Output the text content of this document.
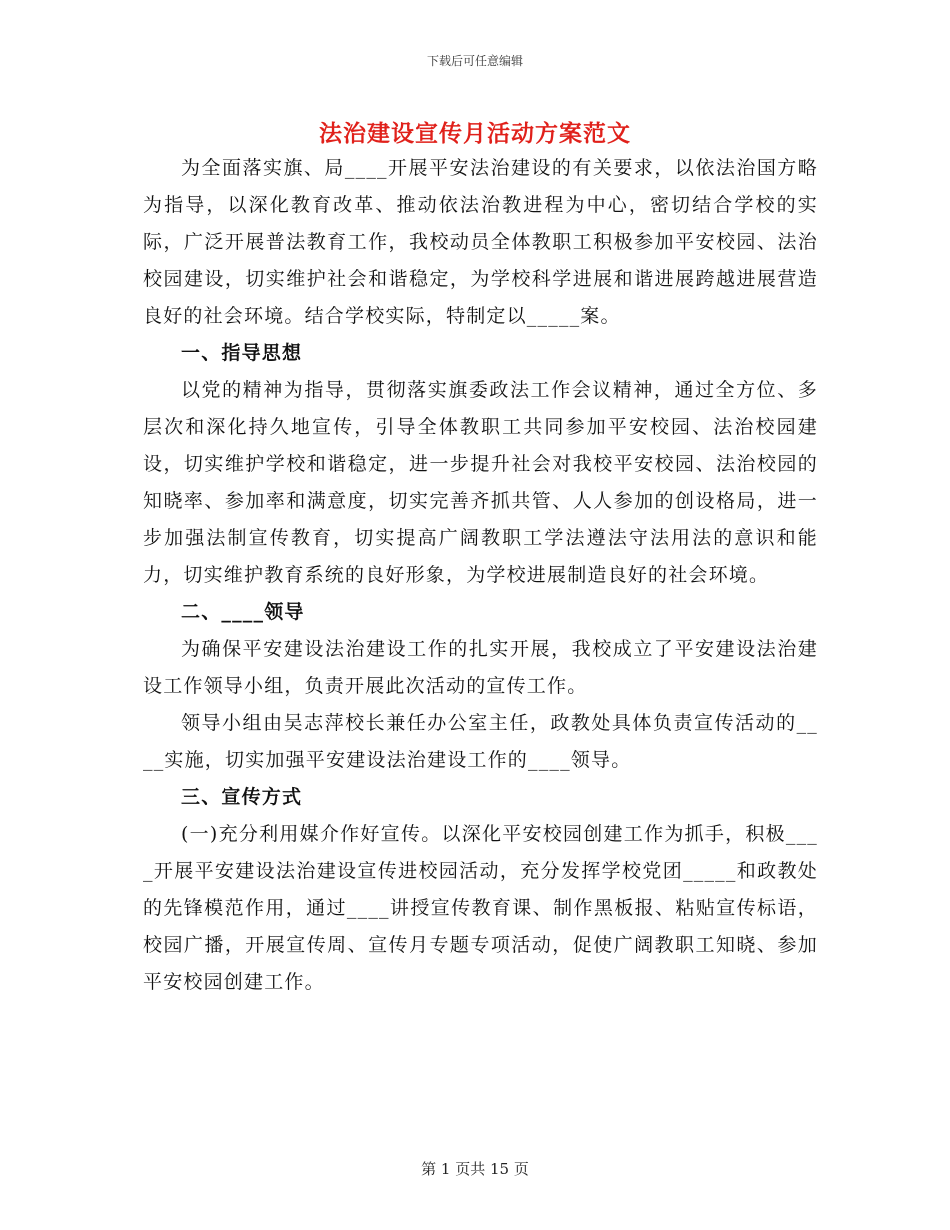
下载后可任意编辑
法治建设宣传月活动方案范文

为全面落实旗、局____开展平安法治建设的有关要求，以依法治国方略为指导，以深化教育改革、推动依法治教进程为中心，密切结合学校的实际，广泛开展普法教育工作，我校动员全体教职工积极参加平安校园、法治校园建设，切实维护社会和谐稳定，为学校科学进展和谐进展跨越进展营造良好的社会环境。结合学校实际，特制定以_____案。

一、指导思想

以党的精神为指导，贯彻落实旗委政法工作会议精神，通过全方位、多层次和深化持久地宣传，引导全体教职工共同参加平安校园、法治校园建设，切实维护学校和谐稳定，进一步提升社会对我校平安校园、法治校园的知晓率、参加率和满意度，切实完善齐抓共管、人人参加的创设格局，进一步加强法制宣传教育，切实提高广阔教职工学法遵法守法用法的意识和能力，切实维护教育系统的良好形象，为学校进展制造良好的社会环境。

二、____领导

为确保平安建设法治建设工作的扎实开展，我校成立了平安建设法治建设工作领导小组，负责开展此次活动的宣传工作。

领导小组由吴志萍校长兼任办公室主任，政教处具体负责宣传活动的____实施，切实加强平安建设法治建设工作的____领导。

三、宣传方式

(一)充分利用媒介作好宣传。以深化平安校园创建工作为抓手，积极____开展平安建设法治建设宣传进校园活动，充分发挥学校党团_____和政教处的先锋模范作用，通过____讲授宣传教育课、制作黑板报、粘贴宣传标语，校园广播，开展宣传周、宣传月专题专项活动，促使广阔教职工知晓、参加平安校园创建工作。

第 1 页共 15 页
